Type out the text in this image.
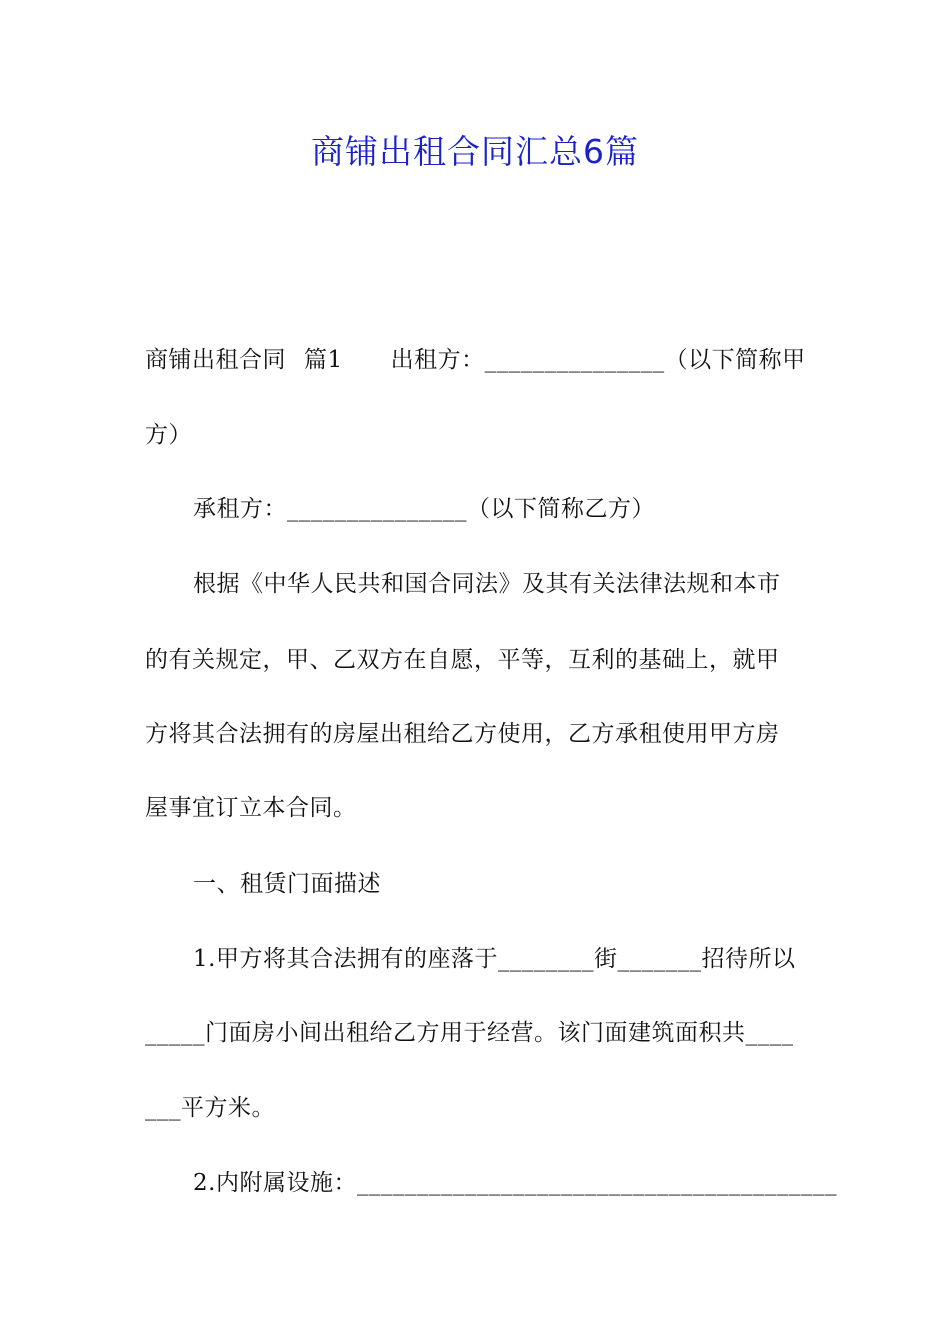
商铺出租合同汇总6篇
商铺出租合同 篇1 出租方：_______________（以下简称甲
方）
承租方：_______________（以下简称乙方）
根据《中华人民共和国合同法》及其有关法律法规和本市
的有关规定，甲、乙双方在自愿，平等，互利的基础上，就甲
方将其合法拥有的房屋出租给乙方使用，乙方承租使用甲方房
屋事宜订立本合同。
一、租赁门面描述
1.甲方将其合法拥有的座落于________街_______招待所以
_____门面房小间出租给乙方用于经营。该门面建筑面积共____
___平方米。
2.内附属设施：________________________________________
